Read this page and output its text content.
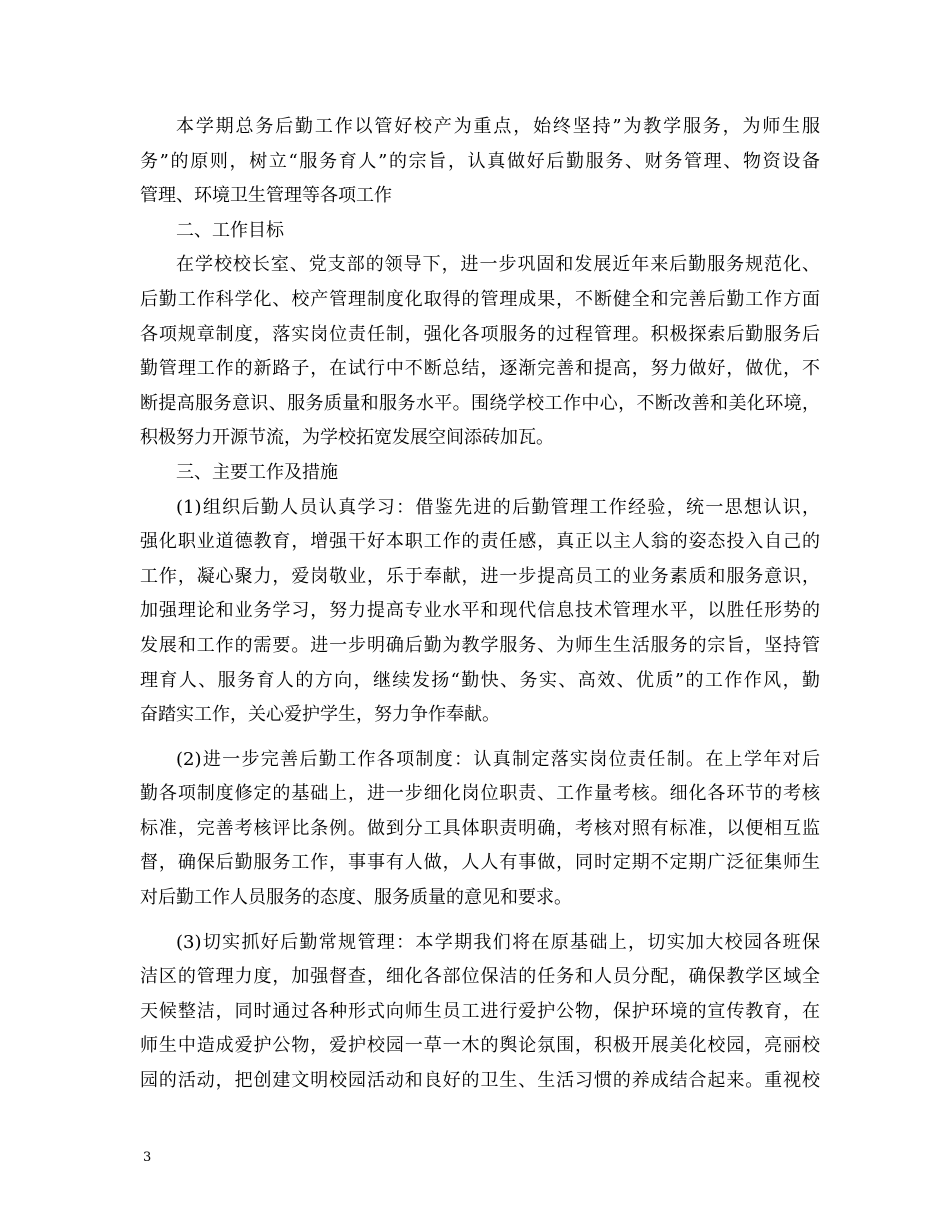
本学期总务后勤工作以管好校产为重点，始终坚持”为教学服务，为师生服
务”的原则，树立“服务育人”的宗旨，认真做好后勤服务、财务管理、物资设备
管理、环境卫生管理等各项工作
二、工作目标
在学校校长室、党支部的领导下，进一步巩固和发展近年来后勤服务规范化、
后勤工作科学化、校产管理制度化取得的管理成果，不断健全和完善后勤工作方面
各项规章制度，落实岗位责任制，强化各项服务的过程管理。积极探索后勤服务后
勤管理工作的新路子，在试行中不断总结，逐渐完善和提高，努力做好，做优，不
断提高服务意识、服务质量和服务水平。围绕学校工作中心，不断改善和美化环境，
积极努力开源节流，为学校拓宽发展空间添砖加瓦。
三、主要工作及措施
(1)组织后勤人员认真学习：借鉴先进的后勤管理工作经验，统一思想认识，
强化职业道德教育，增强干好本职工作的责任感，真正以主人翁的姿态投入自己的
工作，凝心聚力，爱岗敬业，乐于奉献，进一步提高员工的业务素质和服务意识，
加强理论和业务学习，努力提高专业水平和现代信息技术管理水平，以胜任形势的
发展和工作的需要。进一步明确后勤为教学服务、为师生生活服务的宗旨，坚持管
理育人、服务育人的方向，继续发扬“勤快、务实、高效、优质”的工作作风，勤
奋踏实工作，关心爱护学生，努力争作奉献。
(2)进一步完善后勤工作各项制度：认真制定落实岗位责任制。在上学年对后
勤各项制度修定的基础上，进一步细化岗位职责、工作量考核。细化各环节的考核
标准，完善考核评比条例。做到分工具体职责明确，考核对照有标准，以便相互监
督，确保后勤服务工作，事事有人做，人人有事做，同时定期不定期广泛征集师生
对后勤工作人员服务的态度、服务质量的意见和要求。
(3)切实抓好后勤常规管理：本学期我们将在原基础上，切实加大校园各班保
洁区的管理力度，加强督查，细化各部位保洁的任务和人员分配，确保教学区域全
天候整洁，同时通过各种形式向师生员工进行爱护公物，保护环境的宣传教育，在
师生中造成爱护公物，爱护校园一草一木的舆论氛围，积极开展美化校园，亮丽校
园的活动，把创建文明校园活动和良好的卫生、生活习惯的养成结合起来。重视校
3
